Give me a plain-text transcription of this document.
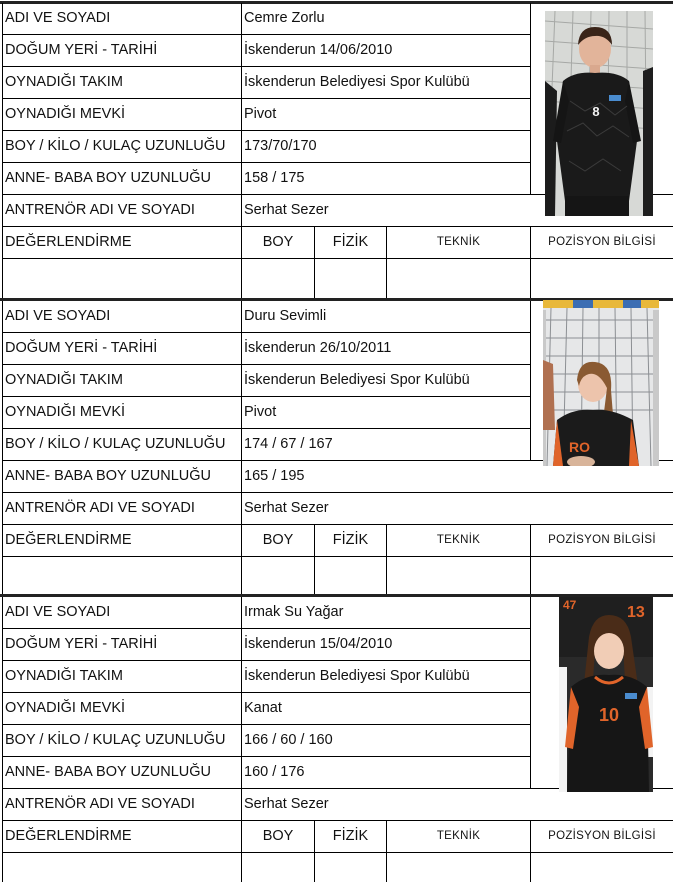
ADI VE SOYADI	Cemre Zorlu
DOĞUM YERİ - TARİHİ	İskenderun 14/06/2010
OYNADIĞI TAKIM	İskenderun Belediyesi Spor Kulübü
OYNADIĞI MEVKİ	Pivot
BOY / KİLO / KULAÇ UZUNLUĞU	173/70/170
ANNE- BABA BOY UZUNLUĞU	158 / 175
ANTRENÖR ADI VE SOYADI	Serhat Sezer
DEĞERLENDİRME	BOY	FİZİK	TEKNİK	POZİSYON BİLGİSİ
8
ADI VE SOYADI	Duru Sevimli
DOĞUM YERİ - TARİHİ	İskenderun 26/10/2011
OYNADIĞI TAKIM	İskenderun Belediyesi Spor Kulübü
OYNADIĞI MEVKİ	Pivot
BOY / KİLO / KULAÇ UZUNLUĞU	174 / 67 / 167
ANNE- BABA BOY UZUNLUĞU	165 / 195
ANTRENÖR ADI VE SOYADI	Serhat Sezer
DEĞERLENDİRME	BOY	FİZİK	TEKNİK	POZİSYON BİLGİSİ
RO
ADI VE SOYADI	Irmak Su Yağar
DOĞUM YERİ - TARİHİ	İskenderun 15/04/2010
OYNADIĞI TAKIM	İskenderun Belediyesi Spor Kulübü
OYNADIĞI MEVKİ	Kanat
BOY / KİLO / KULAÇ UZUNLUĞU	166 / 60 / 160
ANNE- BABA BOY UZUNLUĞU	160 / 176
ANTRENÖR ADI VE SOYADI	Serhat Sezer
DEĞERLENDİRME	BOY	FİZİK	TEKNİK	POZİSYON BİLGİSİ
47	13
10
